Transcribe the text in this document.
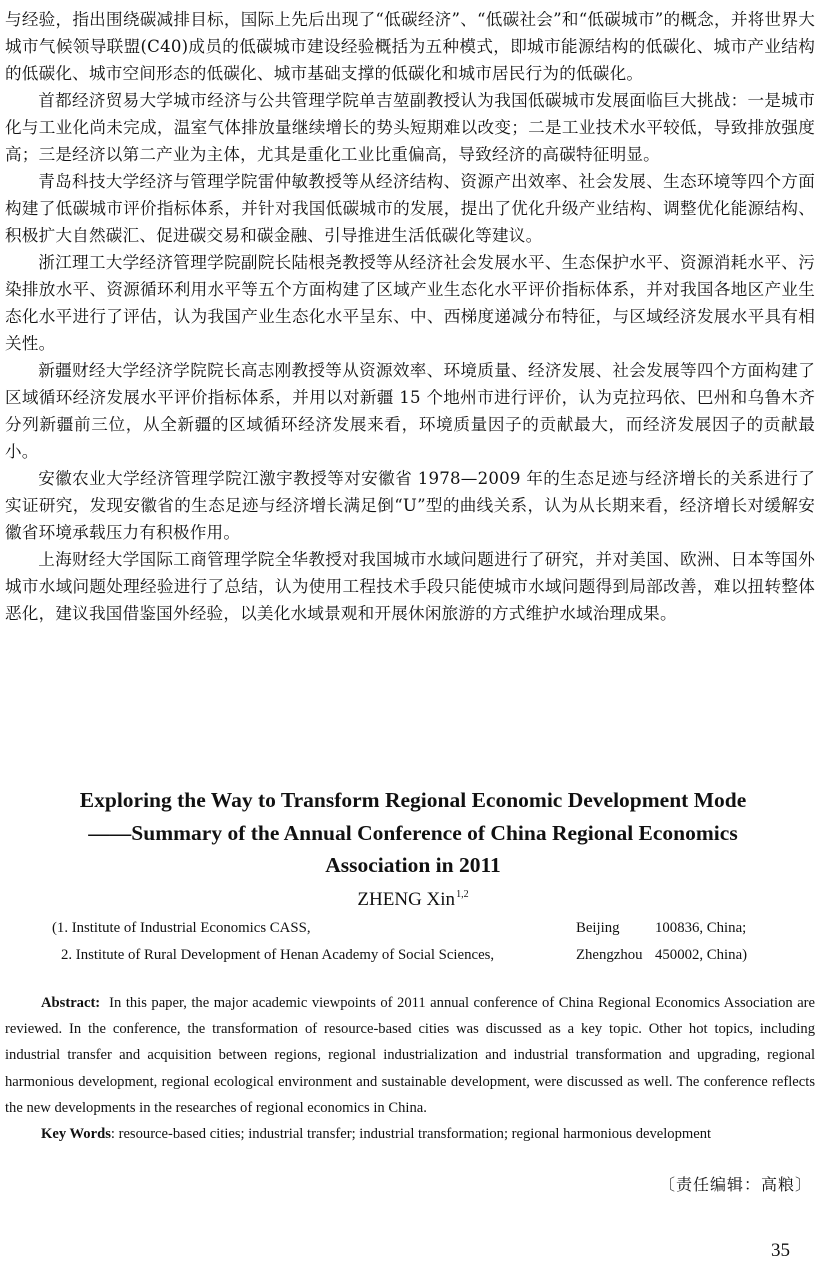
与经验，指出围绕碳减排目标，国际上先后出现了“低碳经济”、“低碳社会”和“低碳城市”的概念，并将世界大城市气候领导联盟(C40)成员的低碳城市建设经验概括为五种模式，即城市能源结构的低碳化、城市产业结构的低碳化、城市空间形态的低碳化、城市基础支撑的低碳化和城市居民行为的低碳化。

首都经济贸易大学城市经济与公共管理学院单吉堃副教授认为我国低碳城市发展面临巨大挑战：一是城市化与工业化尚未完成，温室气体排放量继续增长的势头短期难以改变；二是工业技术水平较低，导致排放强度高；三是经济以第二产业为主体，尤其是重化工业比重偏高，导致经济的高碳特征明显。

青岛科技大学经济与管理学院雷仲敏教授等从经济结构、资源产出效率、社会发展、生态环境等四个方面构建了低碳城市评价指标体系，并针对我国低碳城市的发展，提出了优化升级产业结构、调整优化能源结构、积极扩大自然碳汇、促进碳交易和碳金融、引导推进生活低碳化等建议。

浙江理工大学经济管理学院副院长陆根尧教授等从经济社会发展水平、生态保护水平、资源消耗水平、污染排放水平、资源循环利用水平等五个方面构建了区域产业生态化水平评价指标体系，并对我国各地区产业生态化水平进行了评估，认为我国产业生态化水平呈东、中、西梯度递减分布特征，与区域经济发展水平具有相关性。

新疆财经大学经济学院院长高志刚教授等从资源效率、环境质量、经济发展、社会发展等四个方面构建了区域循环经济发展水平评价指标体系，并用以对新疆 15 个地州市进行评价，认为克拉玛依、巴州和乌鲁木齐分列新疆前三位，从全新疆的区域循环经济发展来看，环境质量因子的贡献最大，而经济发展因子的贡献最小。

安徽农业大学经济管理学院江激宇教授等对安徽省 1978—2009 年的生态足迹与经济增长的关系进行了实证研究，发现安徽省的生态足迹与经济增长满足倒“U”型的曲线关系，认为从长期来看，经济增长对缓解安徽省环境承载压力有积极作用。

上海财经大学国际工商管理学院全华教授对我国城市水域问题进行了研究，并对美国、欧洲、日本等国外城市水域问题处理经验进行了总结，认为使用工程技术手段只能使城市水域问题得到局部改善，难以扭转整体恶化，建议我国借鉴国外经验，以美化水域景观和开展休闲旅游的方式维护水域治理成果。

Exploring the Way to Transform Regional Economic Development Mode

——Summary of the Annual Conference of China Regional Economics

Association in 2011

ZHENG Xin$^{1,2}$

(1. Institute of Industrial Economics CASS,	Beijing 100836, China;
2. Institute of Rural Development of Henan Academy of Social Sciences,	Zhengzhou 450002, China)

Abstract: In this paper, the major academic viewpoints of 2011 annual conference of China Regional Economics Association are reviewed. In the conference, the transformation of resource-based cities was discussed as a key topic. Other hot topics, including industrial transfer and acquisition between regions, regional industrialization and industrial transformation and upgrading, regional harmonious development, regional ecological environment and sustainable development, were discussed as well. The conference reflects the new developments in the researches of regional economics in China.

Key Words: resource-based cities; industrial transfer; industrial transformation; regional harmonious development

〔责任编辑：高粮〕
35
